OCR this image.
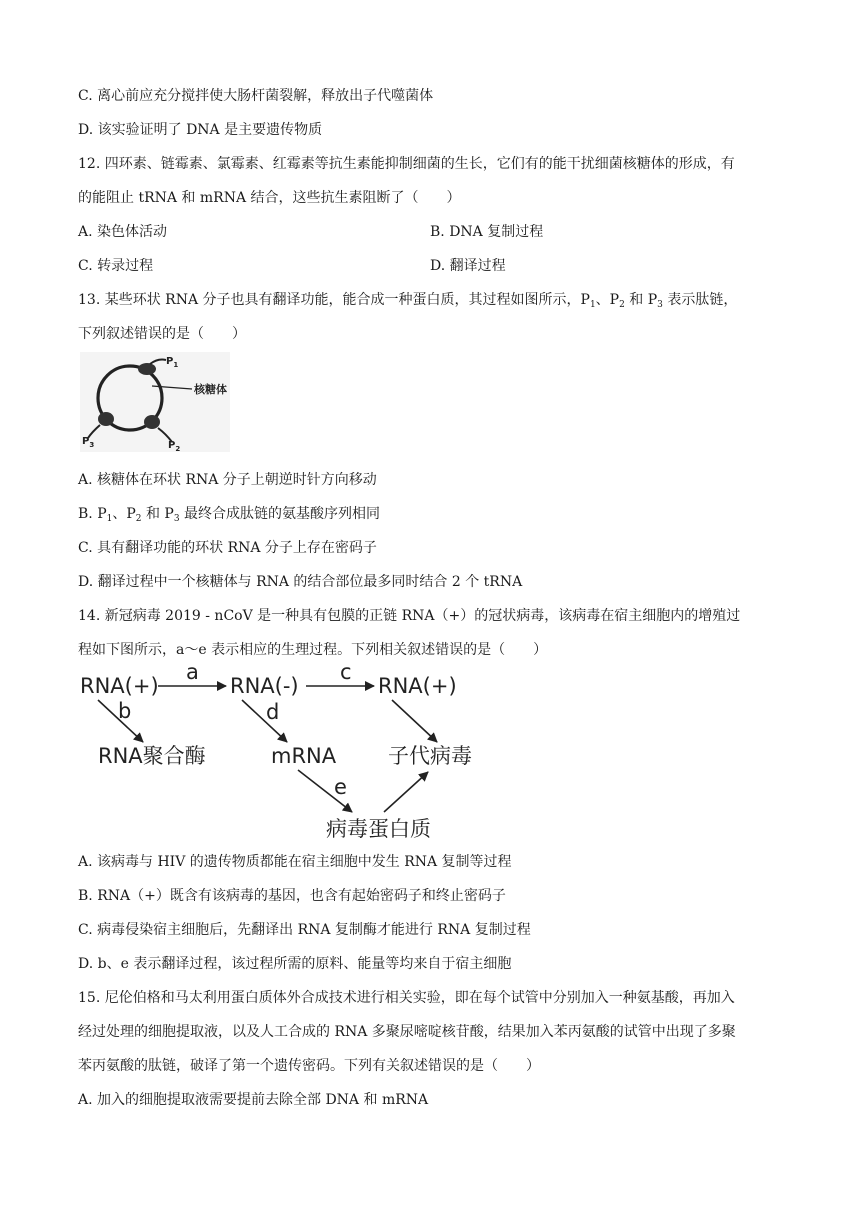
C. 离心前应充分搅拌使大肠杆菌裂解，释放出子代噬菌体
D. 该实验证明了 DNA 是主要遗传物质
12. 四环素、链霉素、氯霉素、红霉素等抗生素能抑制细菌的生长，它们有的能干扰细菌核糖体的形成，有
的能阻止 tRNA 和 mRNA 结合，这些抗生素阻断了（　　）
A. 染色体活动	B. DNA 复制过程
C. 转录过程	D. 翻译过程
13. 某些环状 RNA 分子也具有翻译功能，能合成一种蛋白质，其过程如图所示，$P_1$、$P_2$ 和 $P_3$ 表示肽链，
下列叙述错误的是（　　）
$P_1$
核糖体
$P_2$
$P_3$
A. 核糖体在环状 RNA 分子上朝逆时针方向移动
B. $P_1$、$P_2$ 和 $P_3$ 最终合成肽链的氨基酸序列相同
C. 具有翻译功能的环状 RNA 分子上存在密码子
D. 翻译过程中一个核糖体与 RNA 的结合部位最多同时结合 2 个 tRNA
14. 新冠病毒 2019 - nCoV 是一种具有包膜的正链 RNA（+）的冠状病毒，该病毒在宿主细胞内的增殖过
程如下图所示，a～e 表示相应的生理过程。下列相关叙述错误的是（　　）
RNA(+)	RNA(-)	RNA(+)
RNA聚合酶	mRNA 子代病毒
病毒蛋白质
a
b
c
d
e
A. 该病毒与 HIV 的遗传物质都能在宿主细胞中发生 RNA 复制等过程
B. RNA（+）既含有该病毒的基因，也含有起始密码子和终止密码子
C. 病毒侵染宿主细胞后，先翻译出 RNA 复制酶才能进行 RNA 复制过程
D. b、e 表示翻译过程，该过程所需的原料、能量等均来自于宿主细胞
15. 尼伦伯格和马太利用蛋白质体外合成技术进行相关实验，即在每个试管中分别加入一种氨基酸，再加入
经过处理的细胞提取液，以及人工合成的 RNA 多聚尿嘧啶核苷酸，结果加入苯丙氨酸的试管中出现了多聚
苯丙氨酸的肽链，破译了第一个遗传密码。下列有关叙述错误的是（　　）
A. 加入的细胞提取液需要提前去除全部 DNA 和 mRNA
